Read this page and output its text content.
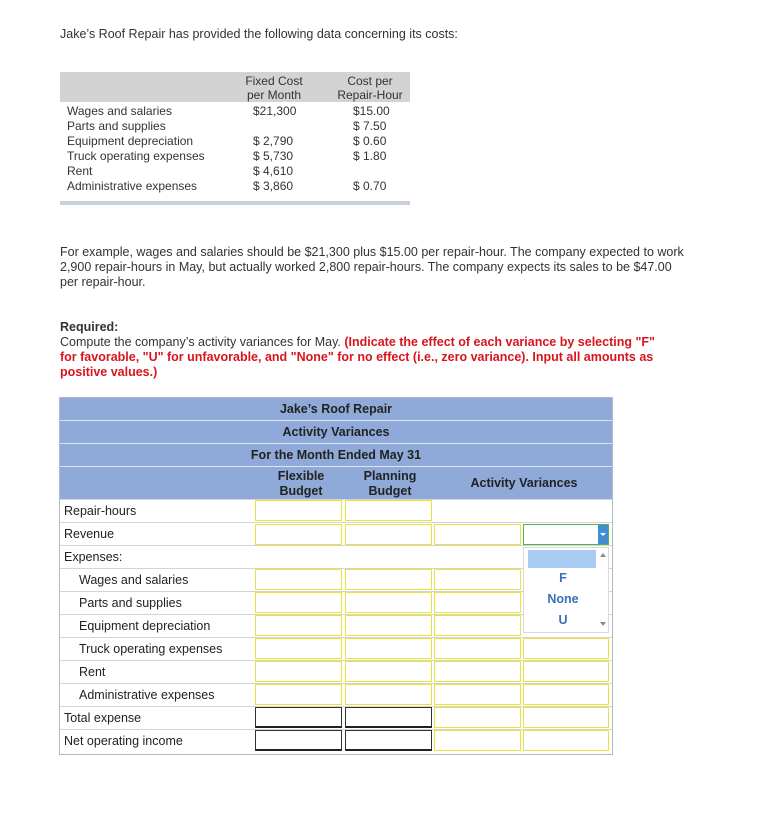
Jake’s Roof Repair has provided the following data concerning its costs:
Fixed Cost
per Month
Cost per
Repair-Hour
Wages and salaries
Parts and supplies
Equipment depreciation
Truck operating expenses
Rent
Administrative expenses
$21,300
$ 2,790
$ 5,730
$ 4,610
$ 3,860
$15.00
$ 7.50
$ 0.60
$ 1.80
$ 0.70
For example, wages and salaries should be $21,300 plus $15.00 per repair-hour. The company expected to work 2,900 repair-hours in May, but actually worked 2,800 repair-hours. The company expects its sales to be $47.00 per repair-hour.
Required:
Compute the company’s activity variances for May. (Indicate the effect of each variance by selecting "F" for favorable, "U" for unfavorable, and "None" for no effect (i.e., zero variance). Input all amounts as positive values.)
Jake’s Roof Repair
Activity Variances
For the Month Ended May 31
Flexible
Budget
Planning
Budget
Activity Variances
Repair-hours
Revenue
Expenses:
Wages and salaries
Parts and supplies
Equipment depreciation
Truck operating expenses
Rent
Administrative expenses
Total expense
Net operating income
F
None
U
